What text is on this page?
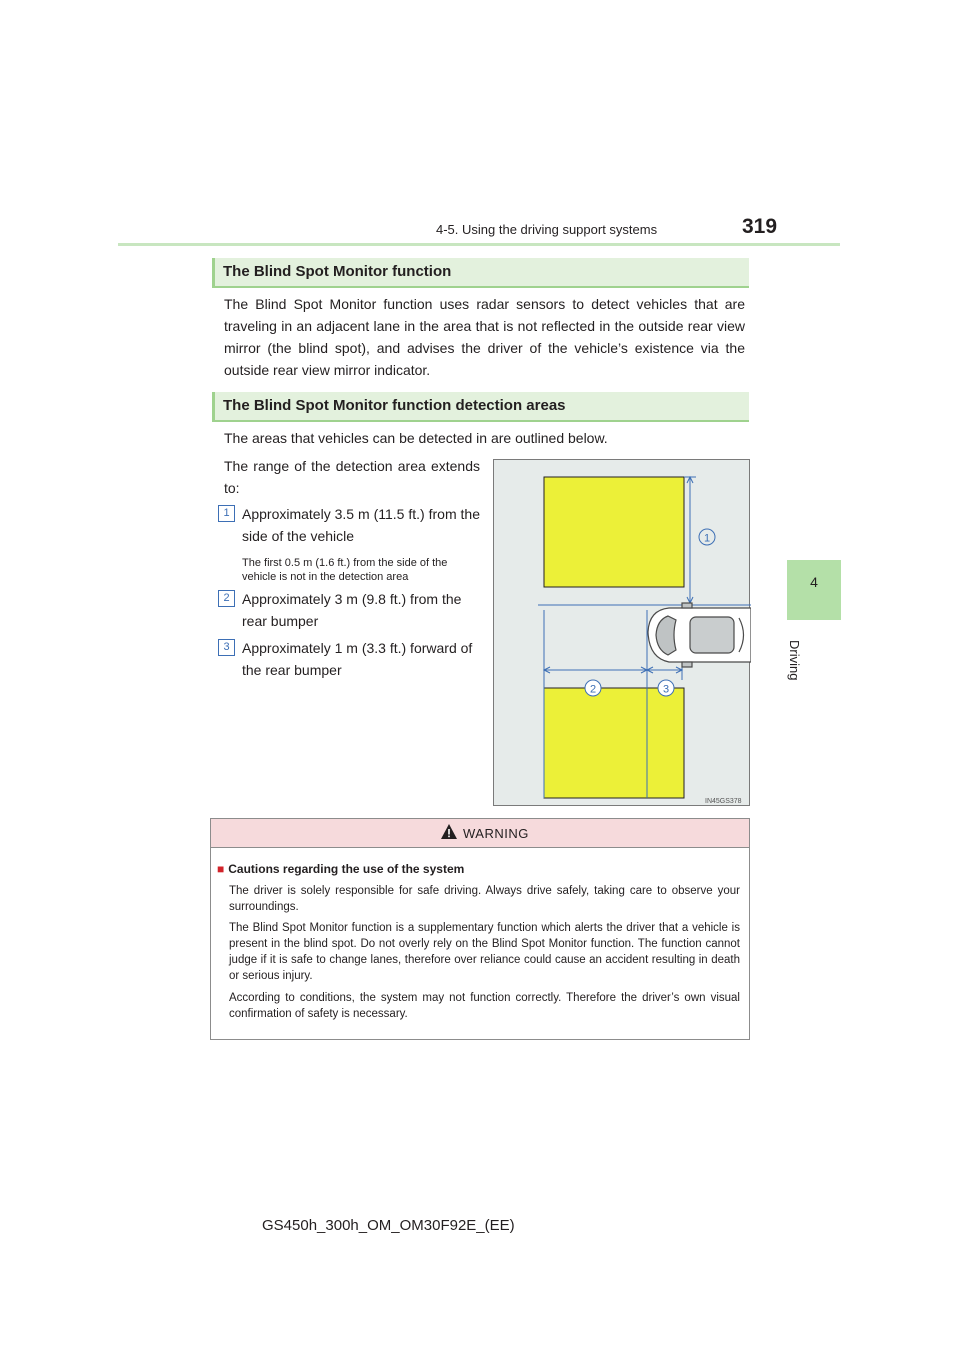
4-5. Using the driving support systems	319
4
Driving
The Blind Spot Monitor function
The Blind Spot Monitor function uses radar sensors to detect vehicles that are traveling in an adjacent lane in the area that is not reflected in the outside rear view mirror (the blind spot), and advises the driver of the vehicle’s existence via the outside rear view mirror indicator.
The Blind Spot Monitor function detection areas
The areas that vehicles can be detected in are outlined below.
The range of the detection area extends to:
1 Approximately 3.5 m (11.5 ft.) from the side of the vehicle
The first 0.5 m (1.6 ft.) from the side of the vehicle is not in the detection area
2 Approximately 3 m (9.8 ft.) from the rear bumper
3 Approximately 1 m (3.3 ft.) forward of the rear bumper
1
2	3
IN45GS378
WARNING
■ Cautions regarding the use of the system
The driver is solely responsible for safe driving. Always drive safely, taking care to observe your surroundings.
The Blind Spot Monitor function is a supplementary function which alerts the driver that a vehicle is present in the blind spot. Do not overly rely on the Blind Spot Monitor function. The function cannot judge if it is safe to change lanes, therefore over reliance could cause an accident resulting in death or serious injury.
According to conditions, the system may not function correctly. Therefore the driver’s own visual confirmation of safety is necessary.
GS450h_300h_OM_OM30F92E_(EE)
